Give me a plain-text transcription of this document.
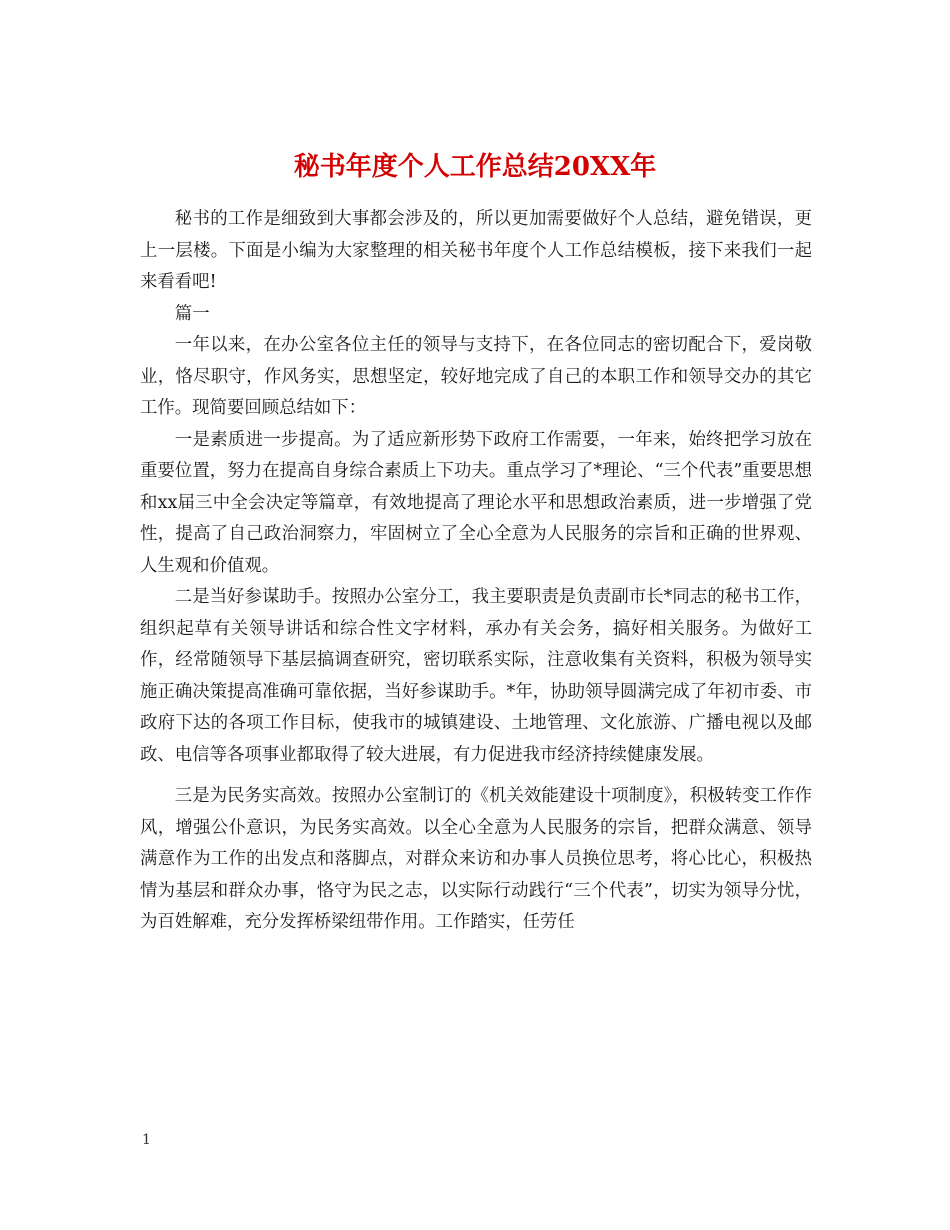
秘书年度个人工作总结20XX年

秘书的工作是细致到大事都会涉及的，所以更加需要做好个人总结，避免错误，更上一层楼。下面是小编为大家整理的相关秘书年度个人工作总结模板，接下来我们一起来看看吧!

篇一

一年以来，在办公室各位主任的领导与支持下，在各位同志的密切配合下，爱岗敬业，恪尽职守，作风务实，思想坚定，较好地完成了自己的本职工作和领导交办的其它工作。现简要回顾总结如下：

一是素质进一步提高。为了适应新形势下政府工作需要，一年来，始终把学习放在重要位置，努力在提高自身综合素质上下功夫。重点学习了*理论、“三个代表”重要思想和xx届三中全会决定等篇章，有效地提高了理论水平和思想政治素质，进一步增强了党性，提高了自己政治洞察力，牢固树立了全心全意为人民服务的宗旨和正确的世界观、人生观和价值观。

二是当好参谋助手。按照办公室分工，我主要职责是负责副市长*同志的秘书工作，组织起草有关领导讲话和综合性文字材料，承办有关会务，搞好相关服务。为做好工作，经常随领导下基层搞调查研究，密切联系实际，注意收集有关资料，积极为领导实施正确决策提高准确可靠依据，当好参谋助手。*年，协助领导圆满完成了年初市委、市政府下达的各项工作目标，使我市的城镇建设、土地管理、文化旅游、广播电视以及邮政、电信等各项事业都取得了较大进展，有力促进我市经济持续健康发展。

三是为民务实高效。按照办公室制订的《机关效能建设十项制度》，积极转变工作作风，增强公仆意识，为民务实高效。以全心全意为人民服务的宗旨，把群众满意、领导满意作为工作的出发点和落脚点，对群众来访和办事人员换位思考，将心比心，积极热情为基层和群众办事，恪守为民之志，以实际行动践行“三个代表”，切实为领导分忧，为百姓解难，充分发挥桥梁纽带作用。工作踏实，任劳任

1
